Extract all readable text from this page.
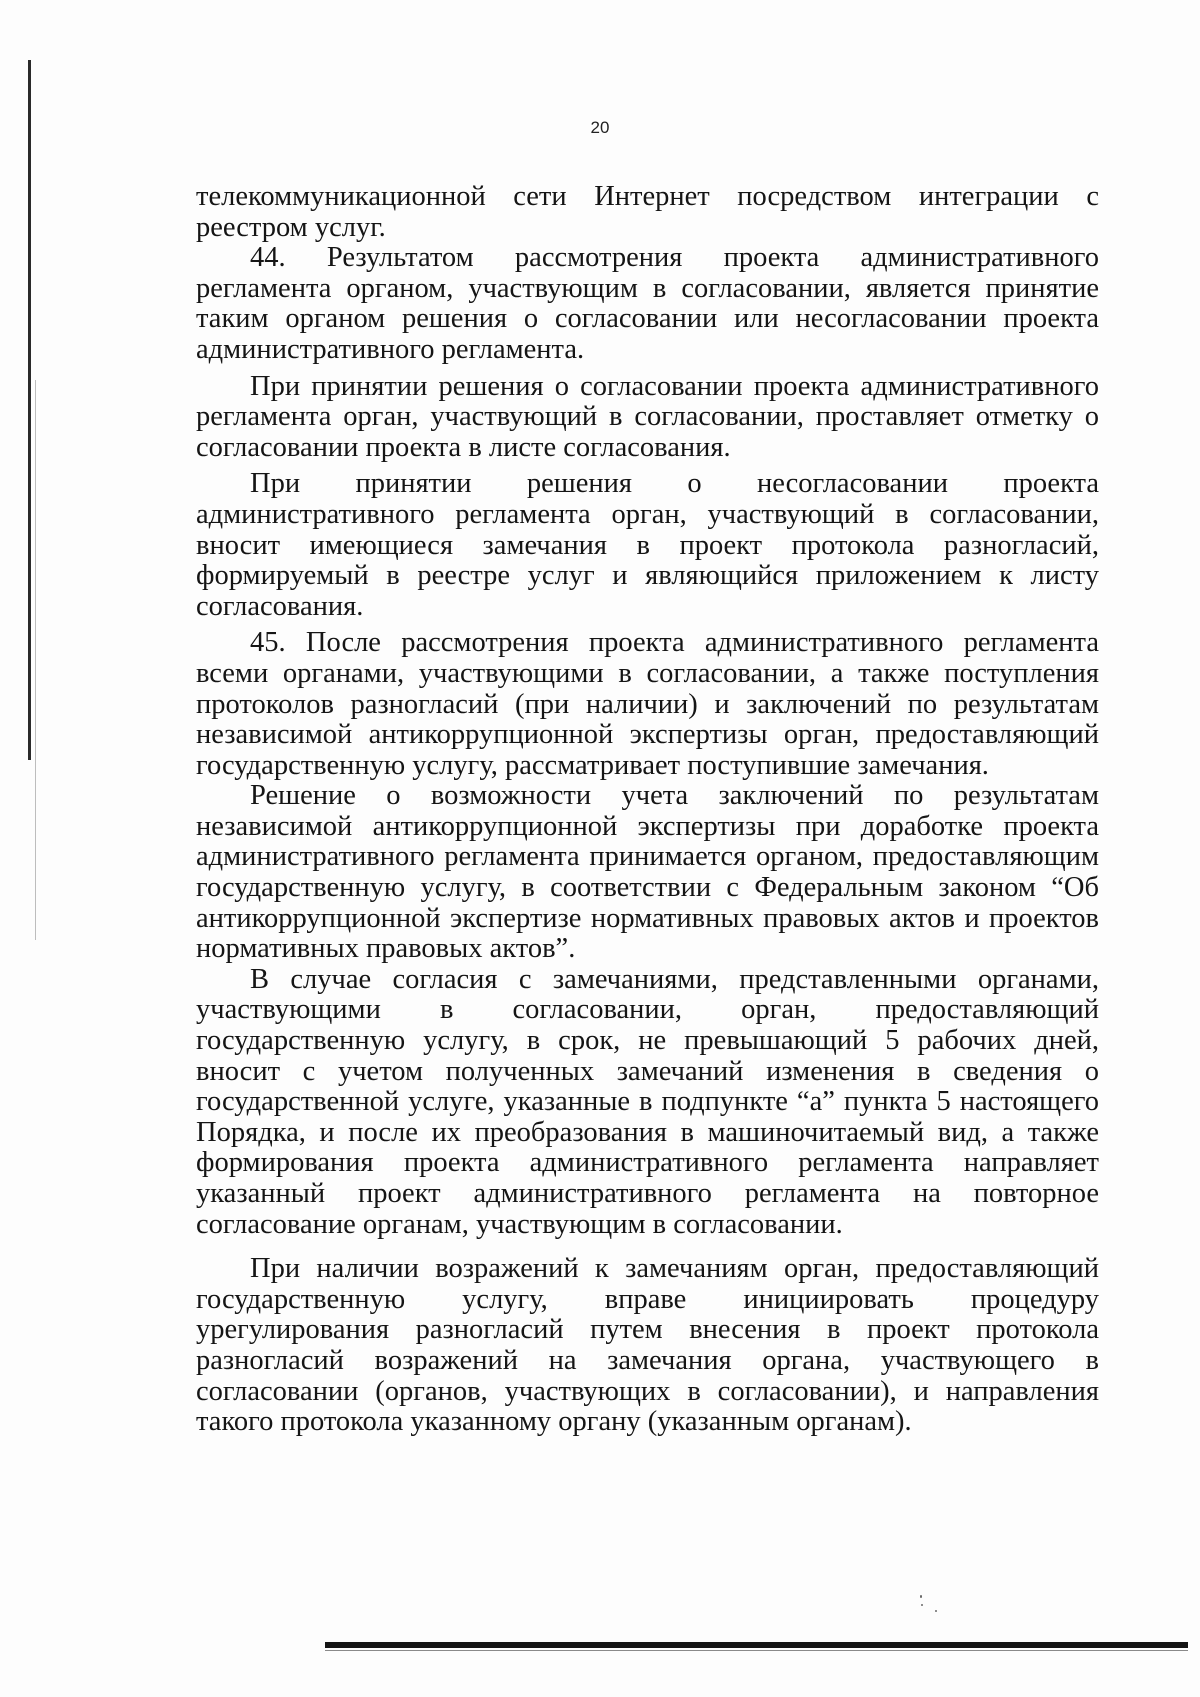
20

телекоммуникационной сети Интернет посредством интеграции с реестром услуг.

44. Результатом рассмотрения проекта административного регламента органом, участвующим в согласовании, является принятие таким органом решения о согласовании или несогласовании проекта административного регламента.

При принятии решения о согласовании проекта административного регламента орган, участвующий в согласовании, проставляет отметку о согласовании проекта в листе согласования.

При принятии решения о несогласовании проекта административного регламента орган, участвующий в согласовании, вносит имеющиеся замечания в проект протокола разногласий, формируемый в реестре услуг и являющийся приложением к листу согласования.

45. После рассмотрения проекта административного регламента всеми органами, участвующими в согласовании, а также поступления протоколов разногласий (при наличии) и заключений по результатам независимой антикоррупционной экспертизы орган, предоставляющий государственную услугу, рассматривает поступившие замечания.

Решение о возможности учета заключений по результатам независимой антикоррупционной экспертизы при доработке проекта административного регламента принимается органом, предоставляющим государственную услугу, в соответствии с Федеральным законом “Об антикоррупционной экспертизе нормативных правовых актов и проектов нормативных правовых актов”.

В случае согласия с замечаниями, представленными органами, участвующими в согласовании, орган, предоставляющий государственную услугу, в срок, не превышающий 5 рабочих дней, вносит с учетом полученных замечаний изменения в сведения о государственной услуге, указанные в подпункте “а” пункта 5 настоящего Порядка, и после их преобразования в машиночитаемый вид, а также формирования проекта административного регламента направляет указанный проект административного регламента на повторное согласование органам, участвующим в согласовании.

При наличии возражений к замечаниям орган, предоставляющий государственную услугу, вправе инициировать процедуру урегулирования разногласий путем внесения в проект протокола разногласий возражений на замечания органа, участвующего в согласовании (органов, участвующих в согласовании), и направления такого протокола указанному органу (указанным органам).
